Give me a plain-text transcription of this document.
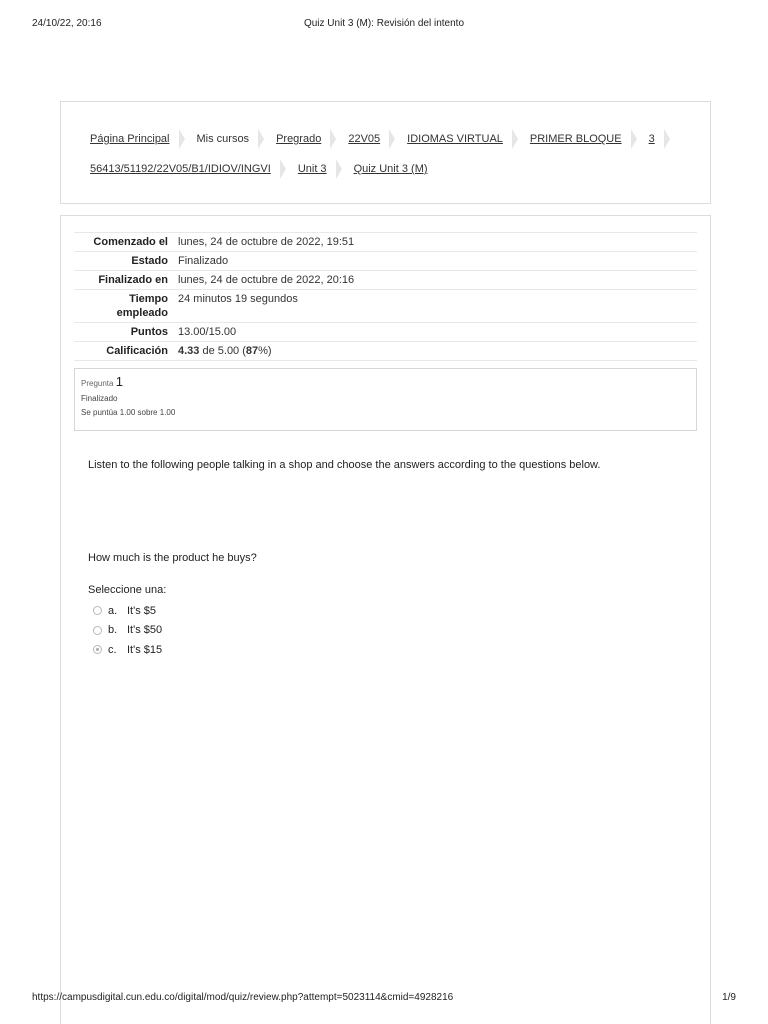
24/10/22, 20:16	Quiz Unit 3 (M): Revisión del intento
Página Principal Mis cursos Pregrado 22V05 IDIOMAS VIRTUAL PRIMER BLOQUE 3
56413/51192/22V05/B1/IDIOV/INGVI Unit 3 Quiz Unit 3 (M)
Comenzado el	lunes, 24 de octubre de 2022, 19:51
Estado	Finalizado
Finalizado en	lunes, 24 de octubre de 2022, 20:16
Tiempo
empleado	24 minutos 19 segundos
Puntos	13.00/15.00
Calificación	4.33 de 5.00 (87%)
Pregunta 1
Finalizado
Se puntúa 1.00 sobre 1.00
Listen to the following people talking in a shop and choose the answers according to the questions below.
How much is the product he buys?
Seleccione una:
a. It's $5
b. It's $50
c. It's $15
https://campusdigital.cun.edu.co/digital/mod/quiz/review.php?attempt=5023114&cmid=4928216	1/9
